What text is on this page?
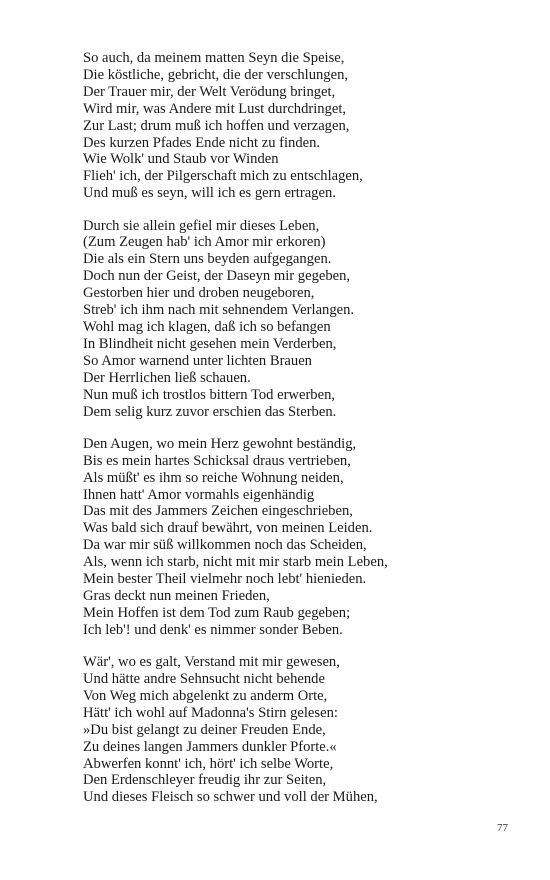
So auch, da meinem matten Seyn die Speise,
Die köstliche, gebricht, die der verschlungen,
Der Trauer mir, der Welt Verödung bringet,
Wird mir, was Andere mit Lust durchdringet,
Zur Last; drum muß ich hoffen und verzagen,
Des kurzen Pfades Ende nicht zu finden.
Wie Wolk' und Staub vor Winden
Flieh' ich, der Pilgerschaft mich zu entschlagen,
Und muß es seyn, will ich es gern ertragen.
Durch sie allein gefiel mir dieses Leben,
(Zum Zeugen hab' ich Amor mir erkoren)
Die als ein Stern uns beyden aufgegangen.
Doch nun der Geist, der Daseyn mir gegeben,
Gestorben hier und droben neugeboren,
Streb' ich ihm nach mit sehnendem Verlangen.
Wohl mag ich klagen, daß ich so befangen
In Blindheit nicht gesehen mein Verderben,
So Amor warnend unter lichten Brauen
Der Herrlichen ließ schauen.
Nun muß ich trostlos bittern Tod erwerben,
Dem selig kurz zuvor erschien das Sterben.
Den Augen, wo mein Herz gewohnt beständig,
Bis es mein hartes Schicksal draus vertrieben,
Als müßt' es ihm so reiche Wohnung neiden,
Ihnen hatt' Amor vormahls eigenhändig
Das mit des Jammers Zeichen eingeschrieben,
Was bald sich drauf bewährt, von meinen Leiden.
Da war mir süß willkommen noch das Scheiden,
Als, wenn ich starb, nicht mit mir starb mein Leben,
Mein bester Theil vielmehr noch lebt' hienieden.
Gras deckt nun meinen Frieden,
Mein Hoffen ist dem Tod zum Raub gegeben;
Ich leb'! und denk' es nimmer sonder Beben.
Wär', wo es galt, Verstand mit mir gewesen,
Und hätte andre Sehnsucht nicht behende
Von Weg mich abgelenkt zu anderm Orte,
Hätt' ich wohl auf Madonna's Stirn gelesen:
»Du bist gelangt zu deiner Freuden Ende,
Zu deines langen Jammers dunkler Pforte.«
Abwerfen konnt' ich, hört' ich selbe Worte,
Den Erdenschleyer freudig ihr zur Seiten,
Und dieses Fleisch so schwer und voll der Mühen,
77
